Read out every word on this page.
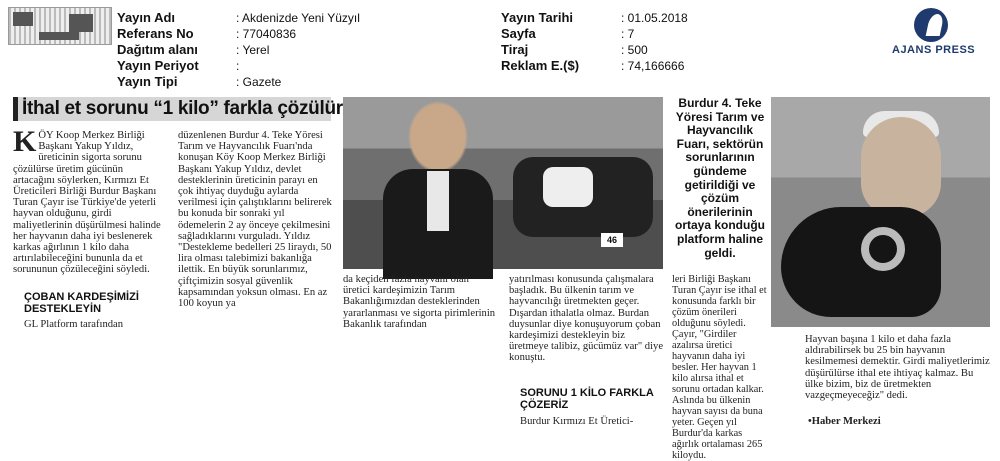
Yayın Adı
Referans No
Dağıtım alanı
Yayın Periyot
Yayın Tipi
: Akdenizde Yeni Yüzyıl
: 77040836
: Yerel
:
: Gazete
Yayın Tarihi
Sayfa
Tiraj
Reklam E.($)
: 01.05.2018
: 7
: 500
: 74,166666
AJANS PRESS
İthal et sorunu “1 kilo” farkla çözülür
K ÖY Koop Merkez Birliği Başkanı Yakup Yıldız, üreticinin sigorta sorunu çözülürse üretim gücünün artacağını söylerken, Kırmızı Et Üreticileri Birliği Burdur Başkanı Turan Çayır ise Türkiye'de yeterli hayvan olduğunu, girdi maliyetlerinin düşürülmesi halinde her hayvanın daha iyi beslenerek karkas ağırlının 1 kilo daha artırılabileceğini bununla da et sorununun çözüleceğini söyledi.
ÇOBAN KARDEŞİMİZİ DESTEKLEYİN
GL Platform tarafından
düzenlenen Burdur 4. Teke Yöresi Tarım ve Hayvancılık Fuarı'nda konuşan Köy Koop Merkez Birliği Başkanı Yakup Yıldız, devlet desteklerinin üreticinin parayı en çok ihtiyaç duyduğu aylarda verilmesi için çalıştıklarını belirerek bu konuda bir sonraki yıl ödemelerin 2 ay önceye çekilmesini sağladıklarını vurguladı. Yıldız "Destekleme bedelleri 25 liraydı, 50 lira olması talebimizi bakanlığa ilettik. En büyük sorunlarımız, çiftçimizin sosyal güvenlik kapsamından yoksun olması. En az 100 koyun ya
46
da keçiden fazla hayvanı olan üretici kardeşimizin Tarım Bakanlığımızdan desteklerinden yararlanması ve sigorta pirimlerinin Bakanlık tarafından
yatırılması konusunda çalışmalara başladık. Bu ülkenin tarım ve hayvancılığı üretmekten geçer. Dışardan ithalatla olmaz. Burdan duysunlar diye konuşuyorum çoban kardeşimizi destekleyin biz üretmeye talibiz, gücümüz var" diye konuştu.
SORUNU 1 KİLO FARKLA ÇÖZERİZ
Burdur Kırmızı Et Üretici-
Burdur 4. Teke Yöresi Tarım ve Hayvancılık Fuarı, sektörün sorunlarının gündeme getirildiği ve çözüm önerilerinin ortaya konduğu platform haline geldi.
leri Birliği Başkanı Turan Çayır ise ithal et konusunda farklı bir çözüm önerileri olduğunu söyledi. Çayır, "Girdiler azalırsa üretici hayvanın daha iyi besler. Her hayvan 1 kilo alırsa ithal et sorunu ortadan kalkar. Aslında bu ülkenin hayvan sayısı da buna yeter. Geçen yıl Burdur'da karkas ağırlık ortalaması 265 kiloydu.
Hayvan başına 1 kilo et daha fazla aldırabilirsek bu 25 bin hayvanın kesilmemesi demektir. Girdi maliyetlerimiz düşürülürse ithal ete ihtiyaç kalmaz. Bu ülke bizim, biz de üretmekten vazgeçmeyeceğiz" dedi.
•Haber Merkezi
